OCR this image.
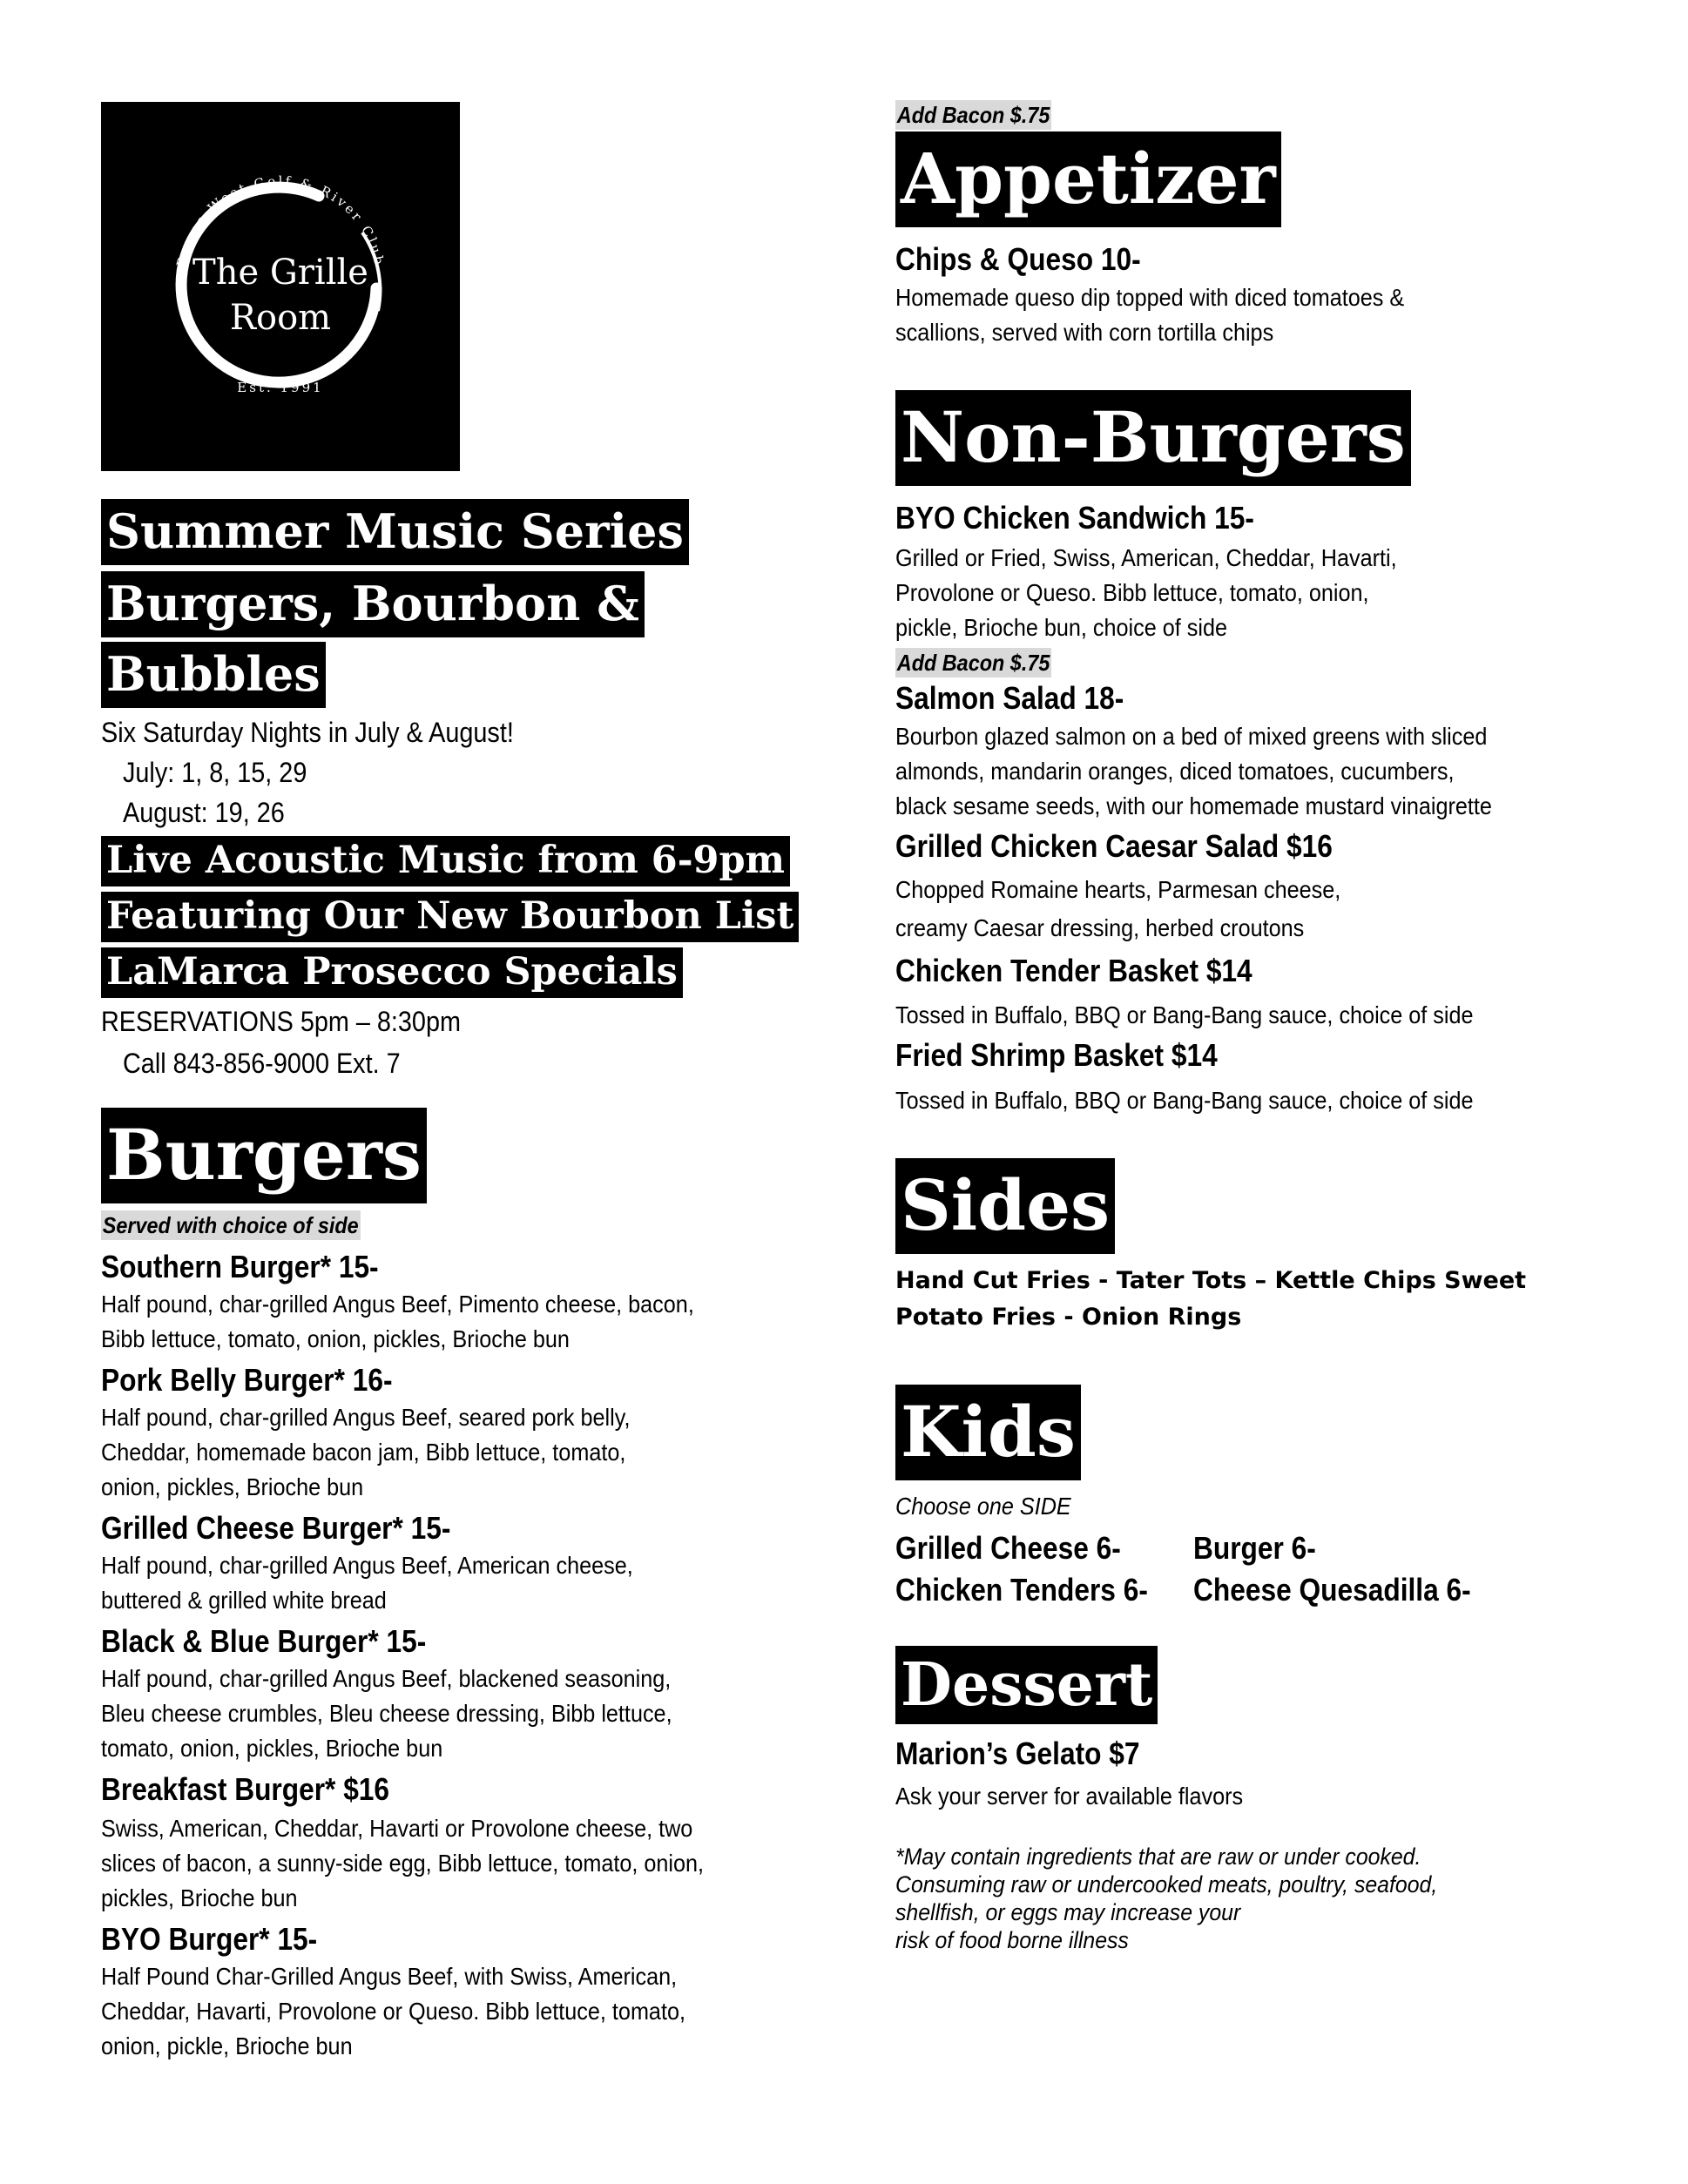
Dunes West Golf & River Club
The Grille
Room
Est. 1991
Summer Music Series
Burgers, Bourbon &
Bubbles
Six Saturday Nights in July & August!
July: 1, 8, 15, 29
August: 19, 26
Live Acoustic Music from 6-9pm
Featuring Our New Bourbon List
LaMarca Prosecco Specials
RESERVATIONS 5pm – 8:30pm
Call 843-856-9000 Ext. 7
Burgers
Served with choice of side
Southern Burger* 15-
Half pound, char-grilled Angus Beef, Pimento cheese, bacon,
Bibb lettuce, tomato, onion, pickles, Brioche bun
Pork Belly Burger* 16-
Half pound, char-grilled Angus Beef, seared pork belly,
Cheddar, homemade bacon jam, Bibb lettuce, tomato,
onion, pickles, Brioche bun
Grilled Cheese Burger* 15-
Half pound, char-grilled Angus Beef, American cheese,
buttered & grilled white bread
Black & Blue Burger* 15-
Half pound, char-grilled Angus Beef, blackened seasoning,
Bleu cheese crumbles, Bleu cheese dressing, Bibb lettuce,
tomato, onion, pickles, Brioche bun
Breakfast Burger* $16
Swiss, American, Cheddar, Havarti or Provolone cheese, two
slices of bacon, a sunny-side egg, Bibb lettuce, tomato, onion,
pickles, Brioche bun
BYO Burger* 15-
Half Pound Char-Grilled Angus Beef, with Swiss, American,
Cheddar, Havarti, Provolone or Queso. Bibb lettuce, tomato,
onion, pickle, Brioche bun
Add Bacon $.75
Appetizer
Chips & Queso 10-
Homemade queso dip topped with diced tomatoes &
scallions, served with corn tortilla chips
Non-Burgers
BYO Chicken Sandwich 15-
Grilled or Fried, Swiss, American, Cheddar, Havarti,
Provolone or Queso. Bibb lettuce, tomato, onion,
pickle, Brioche bun, choice of side
Add Bacon $.75
Salmon Salad 18-
Bourbon glazed salmon on a bed of mixed greens with sliced
almonds, mandarin oranges, diced tomatoes, cucumbers,
black sesame seeds, with our homemade mustard vinaigrette
Grilled Chicken Caesar Salad $16
Chopped Romaine hearts, Parmesan cheese,
creamy Caesar dressing, herbed croutons
Chicken Tender Basket $14
Tossed in Buffalo, BBQ or Bang-Bang sauce, choice of side
Fried Shrimp Basket $14
Tossed in Buffalo, BBQ or Bang-Bang sauce, choice of side
Sides
Hand Cut Fries - Tater Tots – Kettle Chips Sweet
Potato Fries - Onion Rings
Kids
Choose one SIDE
Grilled Cheese 6- Burger 6-
Chicken Tenders 6- Cheese Quesadilla 6-
Dessert
Marion’s Gelato $7
Ask your server for available flavors
*May contain ingredients that are raw or under cooked.
Consuming raw or undercooked meats, poultry, seafood,
shellfish, or eggs may increase your
risk of food borne illness
